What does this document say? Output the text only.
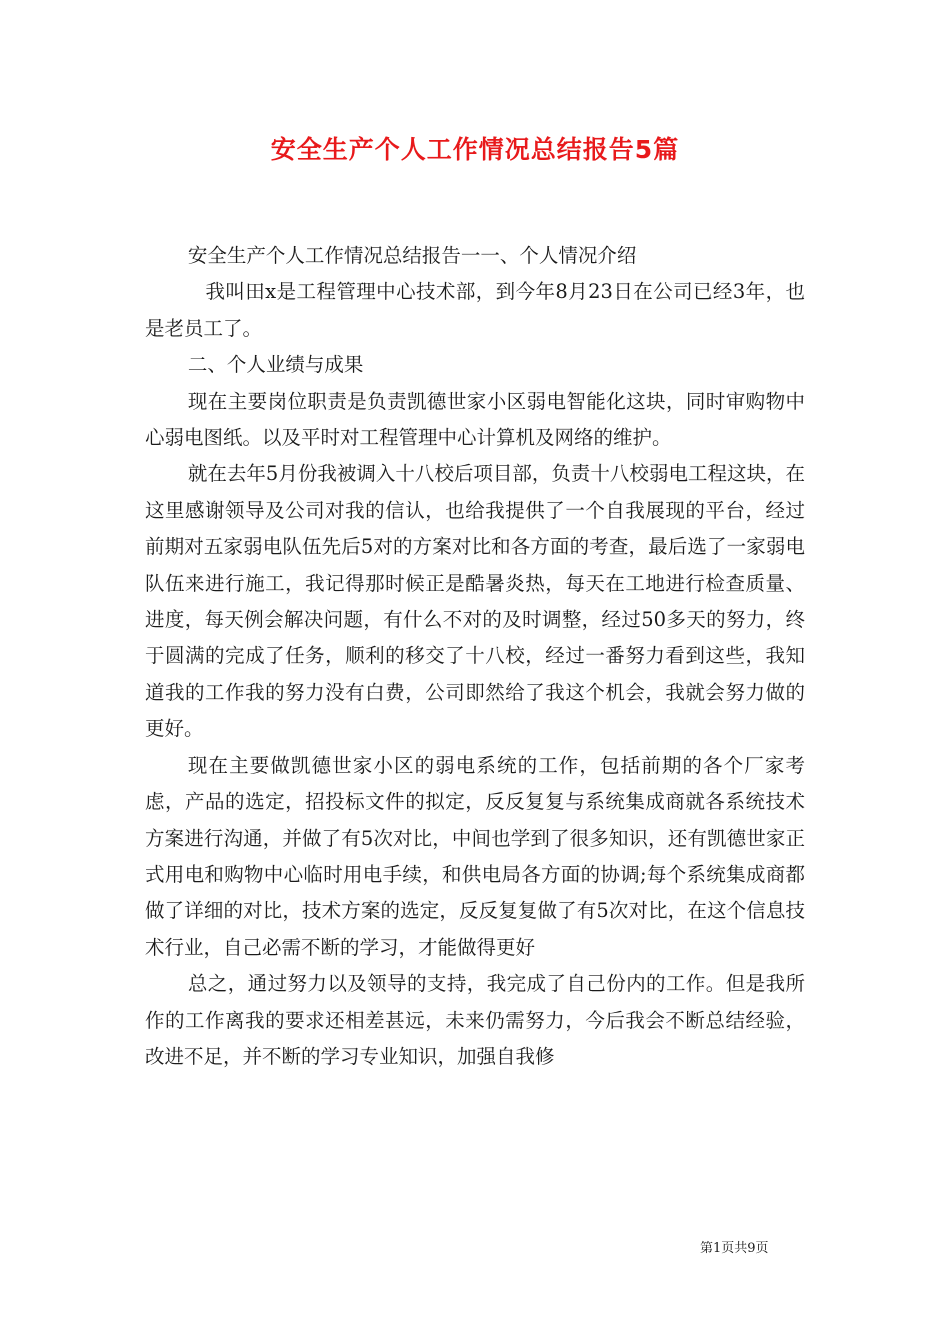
安全生产个人工作情况总结报告5篇

安全生产个人工作情况总结报告一一、个人情况介绍

我叫田x是工程管理中心技术部，到今年8月23日在公司已经3年，也是老员工了。

二、个人业绩与成果

现在主要岗位职责是负责凯德世家小区弱电智能化这块，同时审购物中心弱电图纸。以及平时对工程管理中心计算机及网络的维护。

就在去年5月份我被调入十八校后项目部，负责十八校弱电工程这块，在这里感谢领导及公司对我的信认，也给我提供了一个自我展现的平台，经过前期对五家弱电队伍先后5对的方案对比和各方面的考查，最后选了一家弱电队伍来进行施工，我记得那时候正是酷暑炎热，每天在工地进行检查质量、进度，每天例会解决问题，有什么不对的及时调整，经过50多天的努力，终于圆满的完成了任务，顺利的移交了十八校，经过一番努力看到这些，我知道我的工作我的努力没有白费，公司即然给了我这个机会，我就会努力做的更好。

现在主要做凯德世家小区的弱电系统的工作，包括前期的各个厂家考虑，产品的选定，招投标文件的拟定，反反复复与系统集成商就各系统技术方案进行沟通，并做了有5次对比，中间也学到了很多知识，还有凯德世家正式用电和购物中心临时用电手续，和供电局各方面的协调;每个系统集成商都做了详细的对比，技术方案的选定，反反复复做了有5次对比，在这个信息技术行业，自己必需不断的学习，才能做得更好

总之，通过努力以及领导的支持，我完成了自己份内的工作。但是我所作的工作离我的要求还相差甚远，未来仍需努力，今后我会不断总结经验，改进不足，并不断的学习专业知识，加强自我修

第1页共9页
